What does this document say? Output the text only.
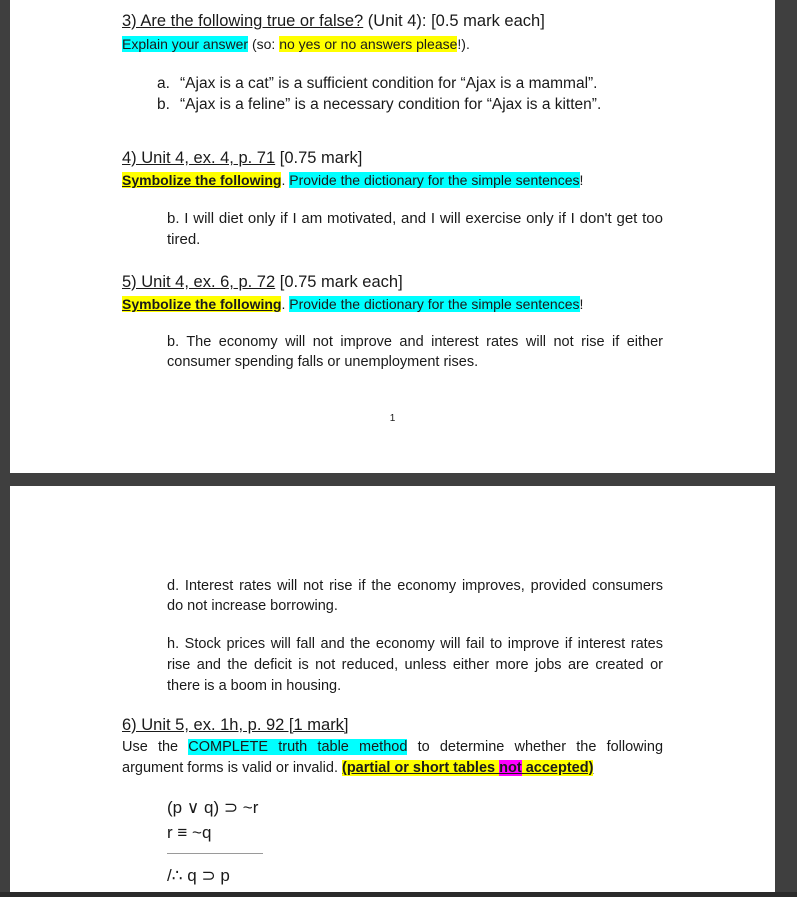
3) Are the following true or false? (Unit 4): [0.5 mark each]
Explain your answer (so: no yes or no answers please!).
a. “Ajax is a cat” is a sufficient condition for “Ajax is a mammal”.
b. “Ajax is a feline” is a necessary condition for “Ajax is a kitten”.
4) Unit 4, ex. 4, p. 71 [0.75 mark]
Symbolize the following. Provide the dictionary for the simple sentences!
b. I will diet only if I am motivated, and I will exercise only if I don't get too tired.
5) Unit 4, ex. 6, p. 72 [0.75 mark each]
Symbolize the following. Provide the dictionary for the simple sentences!
b. The economy will not improve and interest rates will not rise if either consumer spending falls or unemployment rises.
1
d. Interest rates will not rise if the economy improves, provided consumers do not increase borrowing.
h. Stock prices will fall and the economy will fail to improve if interest rates rise and the deficit is not reduced, unless either more jobs are created or there is a boom in housing.
6) Unit 5, ex. 1h, p. 92 [1 mark]
Use the COMPLETE truth table method to determine whether the following argument forms is valid or invalid. (partial or short tables not accepted)
(p ∨ q) ⊃ ~r
r ≡ ~q
/∴ q ⊃ p
